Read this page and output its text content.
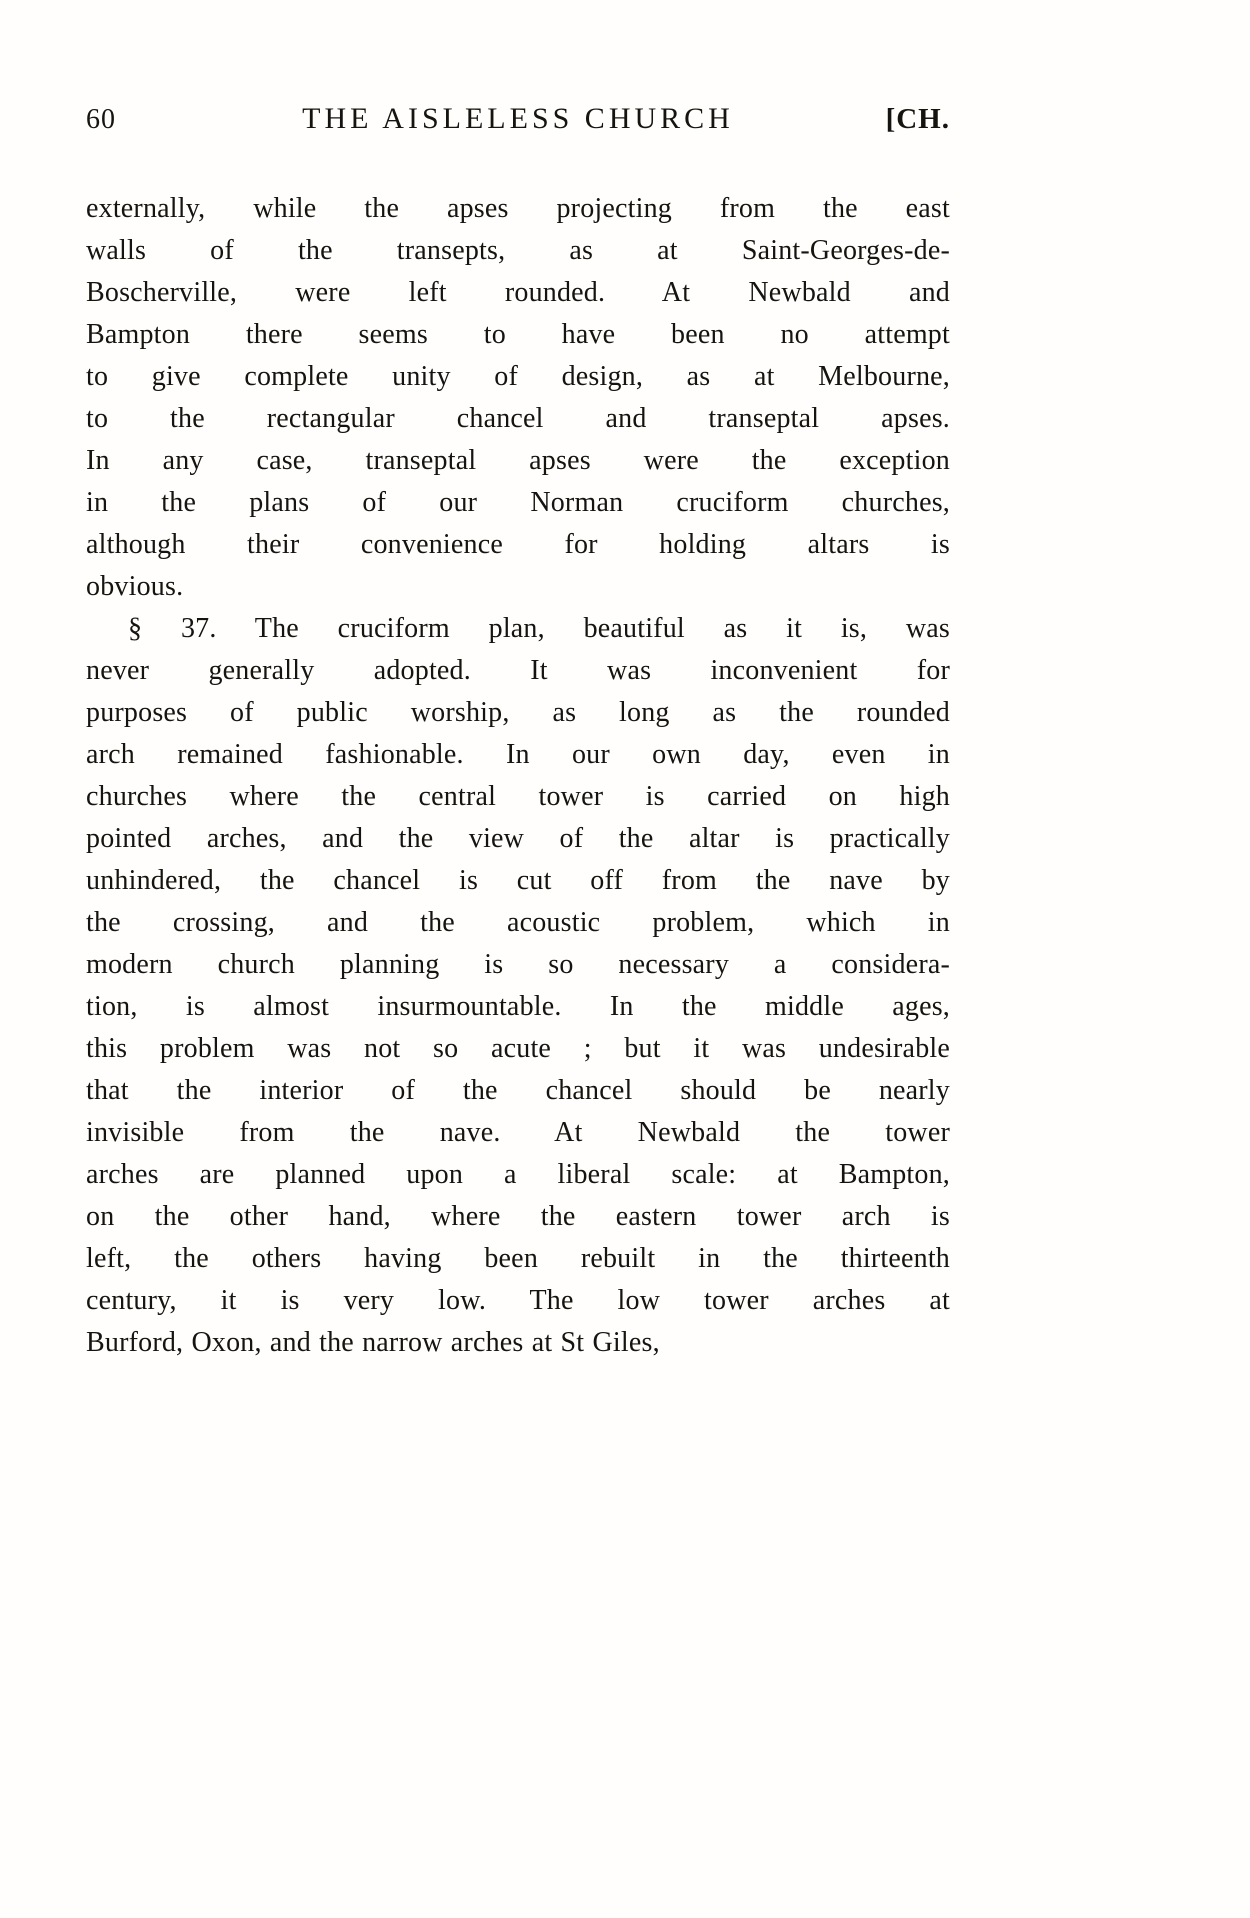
60	THE AISLELESS CHURCH	[CH.

externally, while the apses projecting from the east
walls of the transepts, as at Saint-Georges-de-
Boscherville, were left rounded. At Newbald and
Bampton there seems to have been no attempt
to give complete unity of design, as at Melbourne,
to the rectangular chancel and transeptal apses.
In any case, transeptal apses were the exception
in the plans of our Norman cruciform churches,
although their convenience for holding altars is
obvious.

§ 37. The cruciform plan, beautiful as it is, was
never generally adopted. It was inconvenient for
purposes of public worship, as long as the rounded
arch remained fashionable. In our own day, even in
churches where the central tower is carried on high
pointed arches, and the view of the altar is practically
unhindered, the chancel is cut off from the nave by
the crossing, and the acoustic problem, which in
modern church planning is so necessary a considera-
tion, is almost insurmountable. In the middle ages,
this problem was not so acute ; but it was undesirable
that the interior of the chancel should be nearly
invisible from the nave. At Newbald the tower
arches are planned upon a liberal scale: at Bampton,
on the other hand, where the eastern tower arch is
left, the others having been rebuilt in the thirteenth
century, it is very low. The low tower arches at
Burford, Oxon, and the narrow arches at St Giles,
